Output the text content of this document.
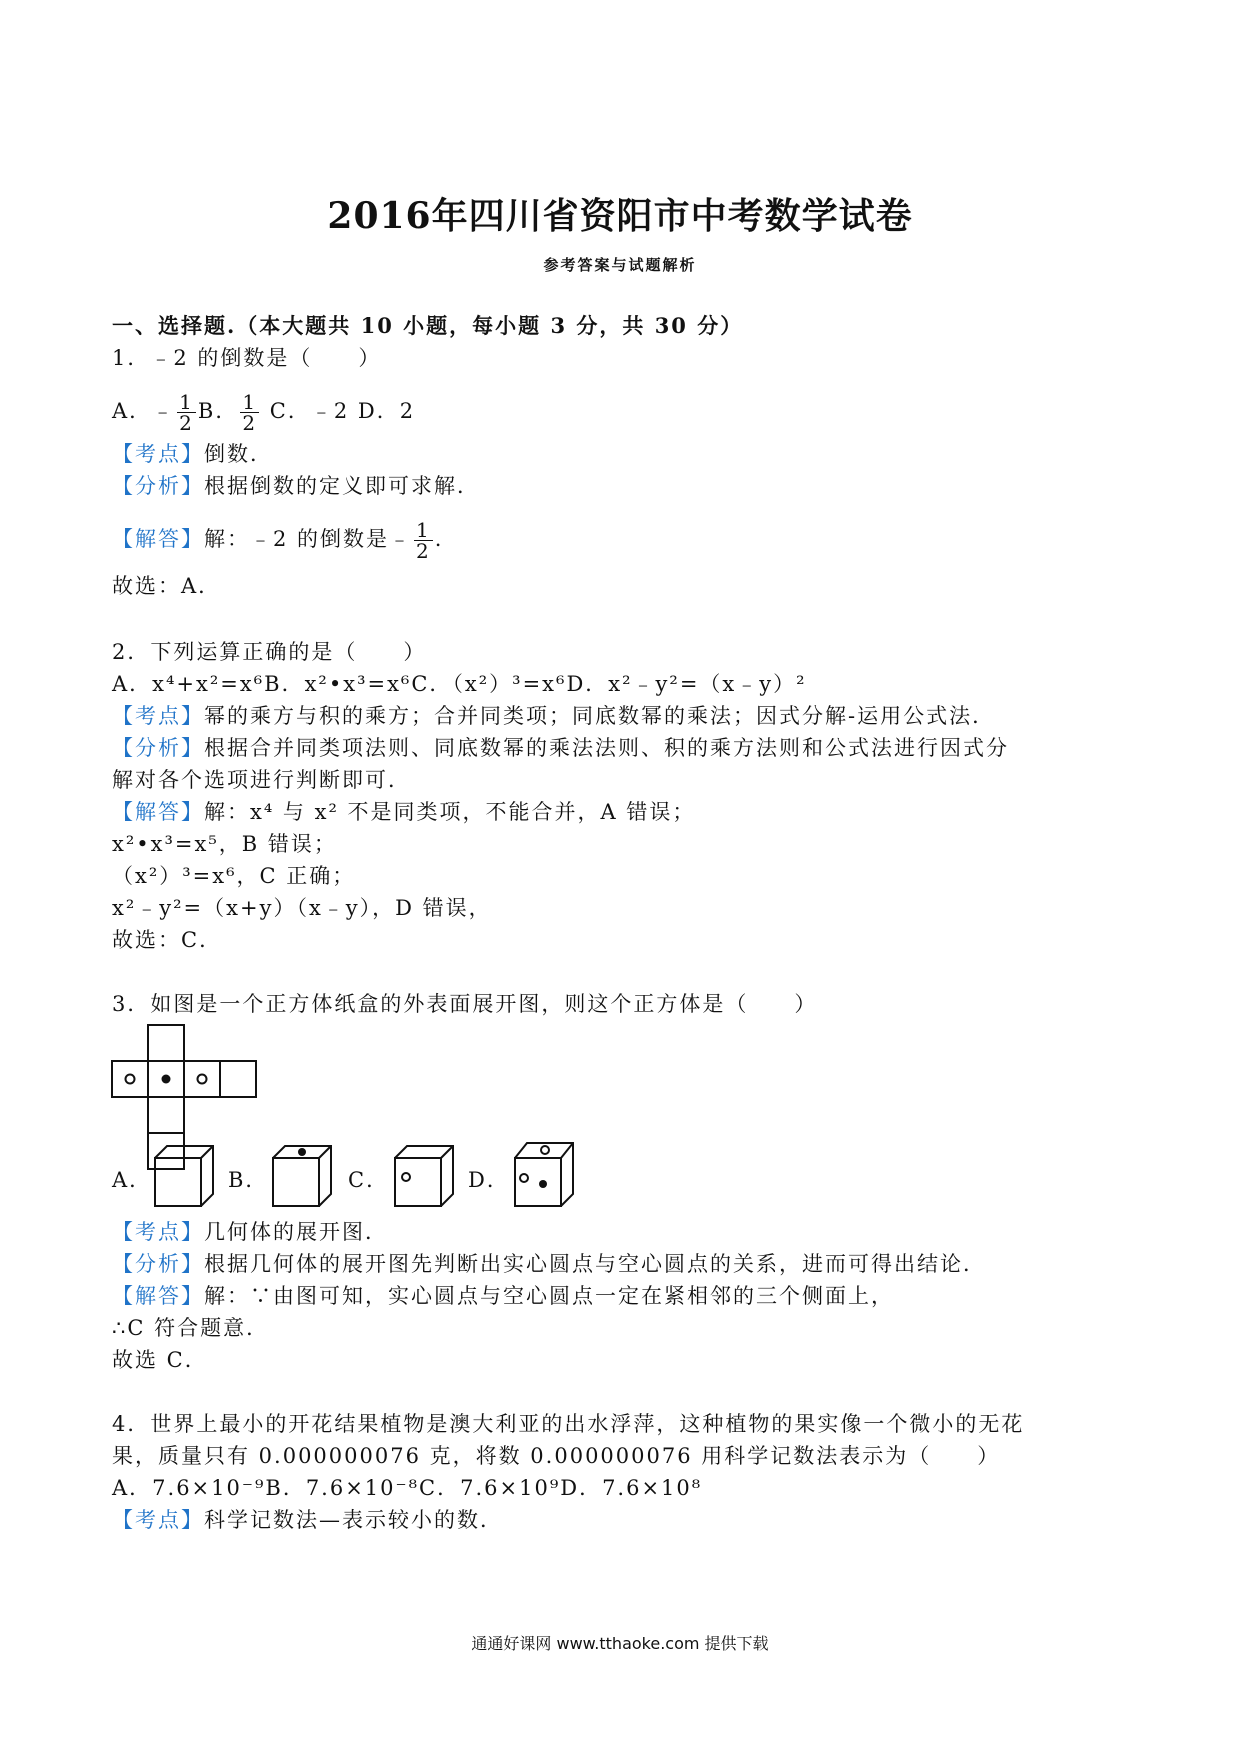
2016年四川省资阳市中考数学试卷
参考答案与试题解析
一、选择题.（本大题共 10 小题，每小题 3 分，共 30 分）
1．﹣2 的倒数是（　　）
A．﹣ $\frac{1}{2}$ B． $\frac{1}{2}$ C．﹣2 D．2
【考点】倒数．
【分析】根据倒数的定义即可求解．
【解答】解：﹣2 的倒数是﹣ $\frac{1}{2}$ .
故选：A．
2．下列运算正确的是（　　）
A．x⁴+x²=x⁶B．x²•x³=x⁶C．（x²）³=x⁶D．x²﹣y²=（x﹣y）²
【考点】幂的乘方与积的乘方；合并同类项；同底数幂的乘法；因式分解-运用公式法．
【分析】根据合并同类项法则、同底数幂的乘法法则、积的乘方法则和公式法进行因式分
解对各个选项进行判断即可．
【解答】解：x⁴ 与 x² 不是同类项，不能合并，A 错误；
x²•x³=x⁵，B 错误；
（x²）³=x⁶，C 正确；
x²﹣y²=（x+y）（x﹣y），D 错误，
故选：C．
3．如图是一个正方体纸盒的外表面展开图，则这个正方体是（　　）
A．	B．	C．	D．
【考点】几何体的展开图．
【分析】根据几何体的展开图先判断出实心圆点与空心圆点的关系，进而可得出结论．
【解答】解：∵由图可知，实心圆点与空心圆点一定在紧相邻的三个侧面上，
∴C 符合题意．
故选 C．
4．世界上最小的开花结果植物是澳大利亚的出水浮萍，这种植物的果实像一个微小的无花
果，质量只有 0.000000076 克，将数 0.000000076 用科学记数法表示为（　　）
A．7.6×10⁻⁹B．7.6×10⁻⁸C．7.6×10⁹D．7.6×10⁸
【考点】科学记数法—表示较小的数．
通通好课网 www.tthaoke.com 提供下载
